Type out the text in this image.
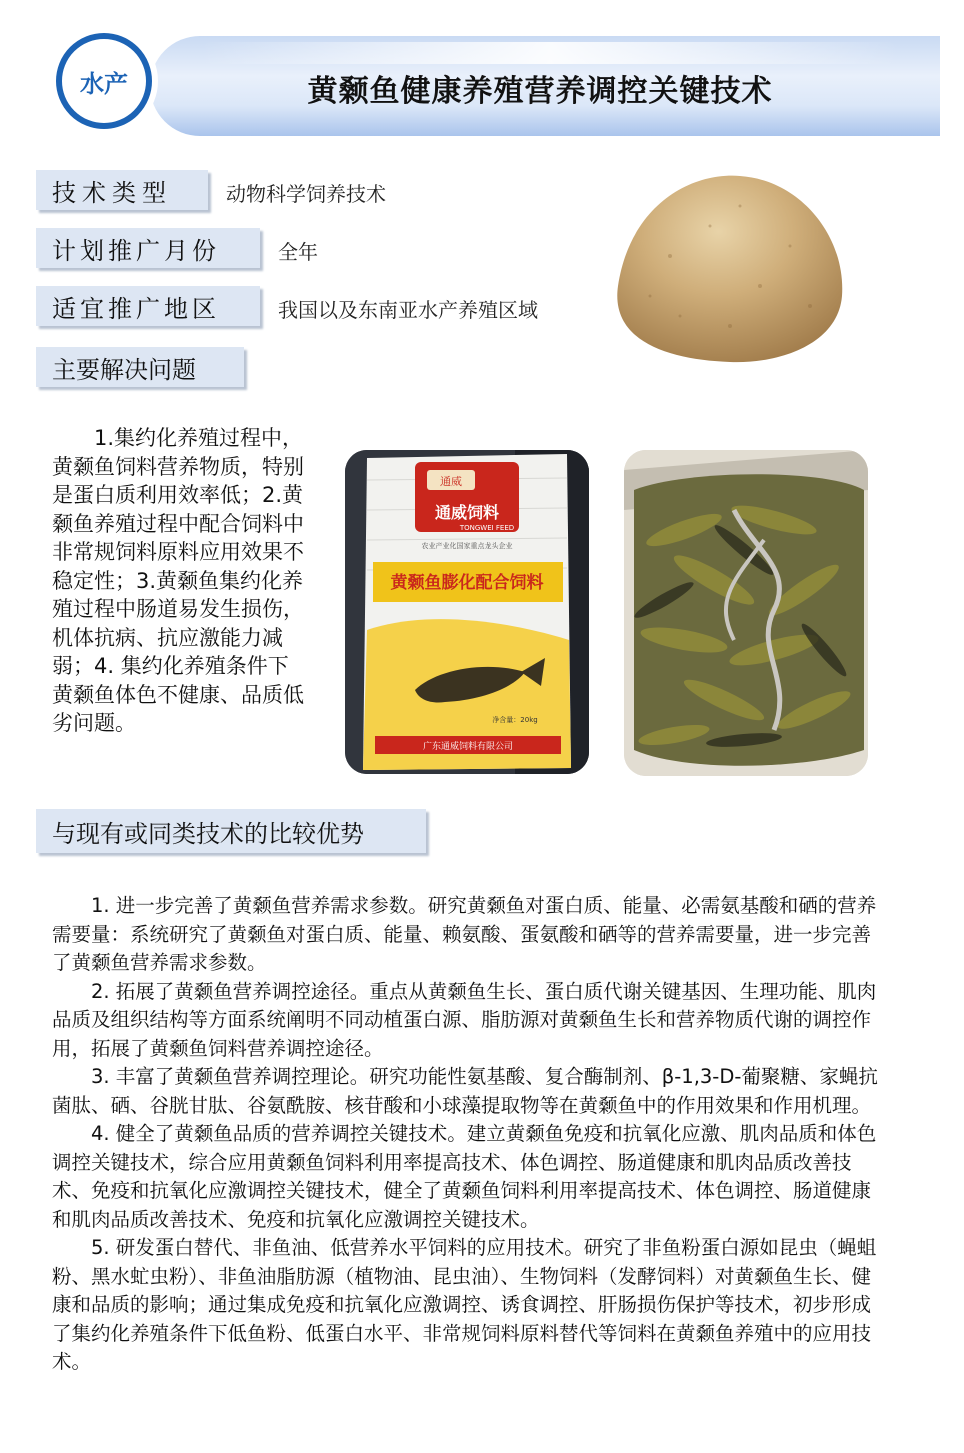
水产	黄颡鱼健康养殖营养调控关键技术
技术类型	动物科学饲养技术
计划推广月份	全年
适宜推广地区	我国以及东南亚水产养殖区域
主要解决问题
1.集约化养殖过程中，黄颡鱼饲料营养物质，特别是蛋白质利用效率低；2.黄颡鱼养殖过程中配合饲料中非常规饲料原料应用效果不稳定性；3.黄颡鱼集约化养殖过程中肠道易发生损伤，机体抗病、抗应激能力减弱；4. 集约化养殖条件下黄颡鱼体色不健康、品质低劣问题。
通威
通威饲料
TONGWEI FEED
农业产业化国家重点龙头企业
黄颡鱼膨化配合饲料
净含量：20kg
广东通威饲料有限公司
与现有或同类技术的比较优势

1. 进一步完善了黄颡鱼营养需求参数。研究黄颡鱼对蛋白质、能量、必需氨基酸和硒的营养需要量：系统研究了黄颡鱼对蛋白质、能量、赖氨酸、蛋氨酸和硒等的营养需要量，进一步完善了黄颡鱼营养需求参数。

2. 拓展了黄颡鱼营养调控途径。重点从黄颡鱼生长、蛋白质代谢关键基因、生理功能、肌肉品质及组织结构等方面系统阐明不同动植蛋白源、脂肪源对黄颡鱼生长和营养物质代谢的调控作用，拓展了黄颡鱼饲料营养调控途径。

3. 丰富了黄颡鱼营养调控理论。研究功能性氨基酸、复合酶制剂、β-1,3-D-葡聚糖、家蝇抗菌肽、硒、谷胱甘肽、谷氨酰胺、核苷酸和小球藻提取物等在黄颡鱼中的作用效果和作用机理。

4. 健全了黄颡鱼品质的营养调控关键技术。建立黄颡鱼免疫和抗氧化应激、肌肉品质和体色调控关键技术，综合应用黄颡鱼饲料利用率提高技术、体色调控、肠道健康和肌肉品质改善技术、免疫和抗氧化应激调控关键技术，健全了黄颡鱼饲料利用率提高技术、体色调控、肠道健康和肌肉品质改善技术、免疫和抗氧化应激调控关键技术。

5. 研发蛋白替代、非鱼油、低营养水平饲料的应用技术。研究了非鱼粉蛋白源如昆虫（蝇蛆粉、黑水虻虫粉）、非鱼油脂肪源（植物油、昆虫油）、生物饲料（发酵饲料）对黄颡鱼生长、健康和品质的影响；通过集成免疫和抗氧化应激调控、诱食调控、肝肠损伤保护等技术，初步形成了集约化养殖条件下低鱼粉、低蛋白水平、非常规饲料原料替代等饲料在黄颡鱼养殖中的应用技术。
